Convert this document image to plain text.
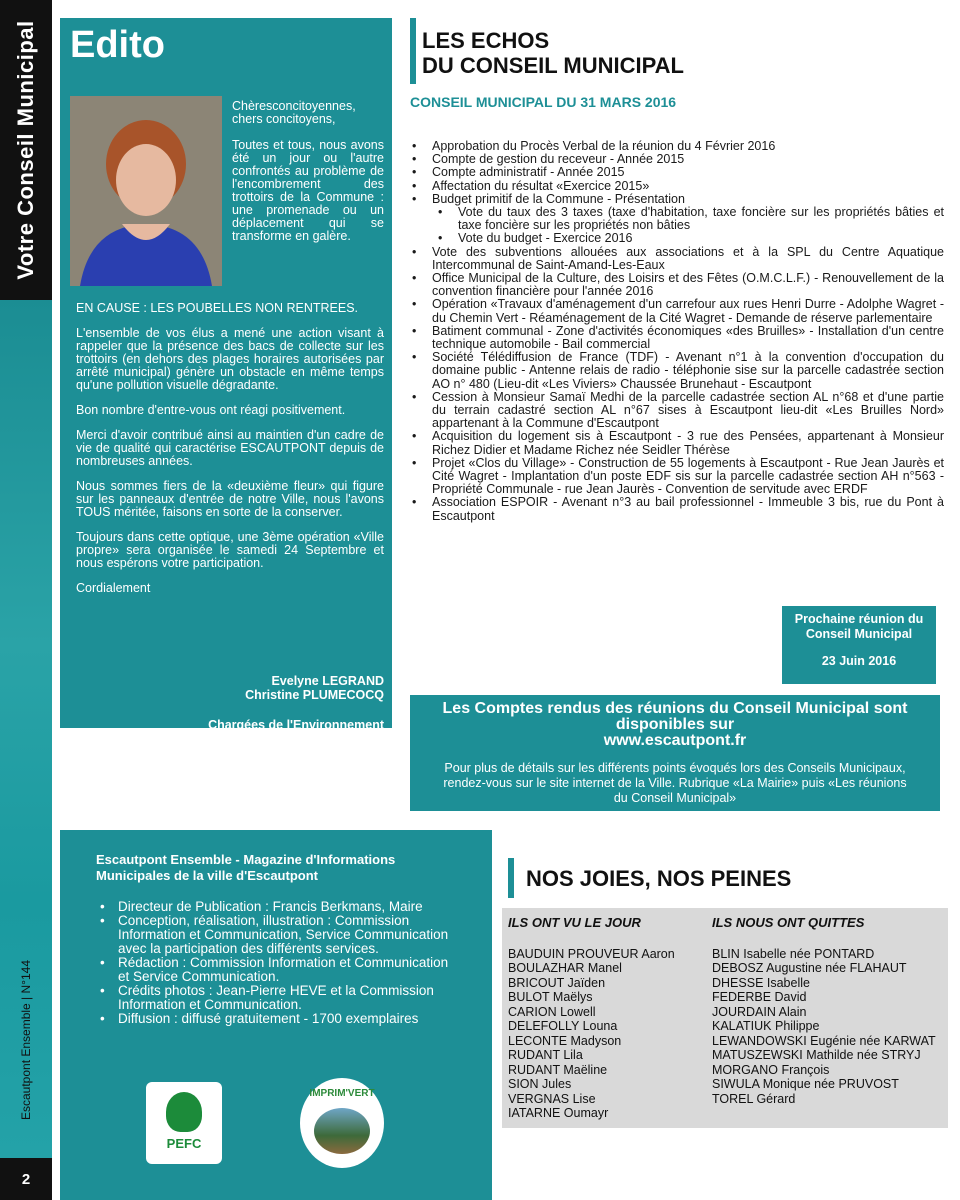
Votre Conseil Municipal
Escautpont Ensemble | N°144
2
Edito

Chèresconcitoyennes, chers concitoyens,

Toutes et tous, nous avons été un jour ou l'autre confrontés au problème de l'encombrement des trottoirs de la Commune : une promenade ou un déplacement qui se transforme en galère.

EN CAUSE : LES POUBELLES NON RENTREES.

L'ensemble de vos élus a mené une action visant à rappeler que la présence des bacs de collecte sur les trottoirs (en dehors des plages horaires autorisées par arrêté municipal) génère un obstacle en même temps qu'une pollution visuelle dégradante.

Bon nombre d'entre-vous ont réagi positivement.

Merci d'avoir contribué ainsi au maintien d'un cadre de vie de qualité qui caractérise ESCAUTPONT depuis de nombreuses années.

Nous sommes fiers de la «deuxième fleur» qui figure sur les panneaux d'entrée de notre Ville, nous l'avons TOUS méritée, faisons en sorte de la conserver.

Toujours dans cette optique, une 3ème opération «Ville propre» sera organisée le samedi 24 Septembre et nous espérons votre participation.

Cordialement

Evelyne LEGRAND
Christine PLUMECOCQ
Chargées de l'Environnement
LES ECHOS
DU CONSEIL MUNICIPAL
CONSEIL MUNICIPAL DU 31 MARS 2016
• Approbation du Procès Verbal de la réunion du 4 Février 2016
• Compte de gestion du receveur - Année 2015
• Compte administratif - Année 2015
• Affectation du résultat «Exercice 2015»
• Budget primitif de la Commune - Présentation
• Vote du taux des 3 taxes (taxe d'habitation, taxe foncière sur les propriétés bâties et taxe foncière sur les propriétés non bâties
• Vote du budget - Exercice 2016
• Vote des subventions allouées aux associations et à la SPL du Centre Aquatique Intercommunal de Saint-Amand-Les-Eaux
• Office Municipal de la Culture, des Loisirs et des Fêtes (O.M.C.L.F.) - Renouvellement de la convention financière pour l'année 2016
• Opération «Travaux d'aménagement d'un carrefour aux rues Henri Durre - Adolphe Wagret - du Chemin Vert - Réaménagement de la Cité Wagret - Demande de réserve parlementaire
• Batiment communal - Zone d'activités économiques «des Bruilles» - Installation d'un centre technique automobile - Bail commercial
• Société Télédiffusion de France (TDF) - Avenant n°1 à la convention d'occupation du domaine public - Antenne relais de radio - téléphonie sise sur la parcelle cadastrée section AO n° 480 (Lieu-dit «Les Viviers» Chaussée Brunehaut - Escautpont
• Cession à Monsieur Samaï Medhi de la parcelle cadastrée section AL n°68 et d'une partie du terrain cadastré section AL n°67 sises à Escautpont lieu-dit «Les Bruilles Nord» appartenant à la Commune d'Escautpont
• Acquisition du logement sis à Escautpont - 3 rue des Pensées, appartenant à Monsieur Richez Didier et Madame Richez née Seidler Thérèse
• Projet «Clos du Village» - Construction de 55 logements à Escautpont - Rue Jean Jaurès et Cité Wagret - Implantation d'un poste EDF sis sur la parcelle cadastrée section AH n°563 - Propriété Communale - rue Jean Jaurès - Convention de servitude avec ERDF
• Association ESPOIR - Avenant n°3 au bail professionnel - Immeuble 3 bis, rue du Pont à Escautpont
Prochaine réunion du
Conseil Municipal
23 Juin 2016
Les Comptes rendus des réunions du Conseil Municipal sont
disponibles sur
www.escautpont.fr
Pour plus de détails sur les différents points évoqués lors des Conseils Municipaux, rendez-vous sur le site internet de la Ville. Rubrique «La Mairie» puis «Les réunions du Conseil Municipal»
Escautpont Ensemble - Magazine d'Informations Municipales de la ville d'Escautpont
• Directeur de Publication : Francis Berkmans, Maire
• Conception, réalisation, illustration : Commission Information et Communication, Service Communication avec la participation des différents services.
• Rédaction : Commission Information et Communication et Service Communication.
• Crédits photos : Jean-Pierre HEVE et la Commission Information et Communication.
• Diffusion : diffusé gratuitement - 1700 exemplaires
PEFC
IMPRIM'VERT
NOS JOIES, NOS PEINES
ILS ONT VU LE JOUR
BAUDUIN PROUVEUR Aaron
BOULAZHAR Manel
BRICOUT Jaïden
BULOT Maëlys
CARION Lowell
DELEFOLLY Louna
LECONTE Madyson
RUDANT Lila
RUDANT Maëline
SION Jules
VERGNAS Lise
IATARNE Oumayr
ILS NOUS ONT QUITTES
BLIN Isabelle née PONTARD
DEBOSZ Augustine née FLAHAUT
DHESSE Isabelle
FEDERBE David
JOURDAIN Alain
KALATIUK Philippe
LEWANDOWSKI Eugénie née KARWAT
MATUSZEWSKI Mathilde née STRYJ
MORGANO François
SIWULA Monique née PRUVOST
TOREL Gérard
